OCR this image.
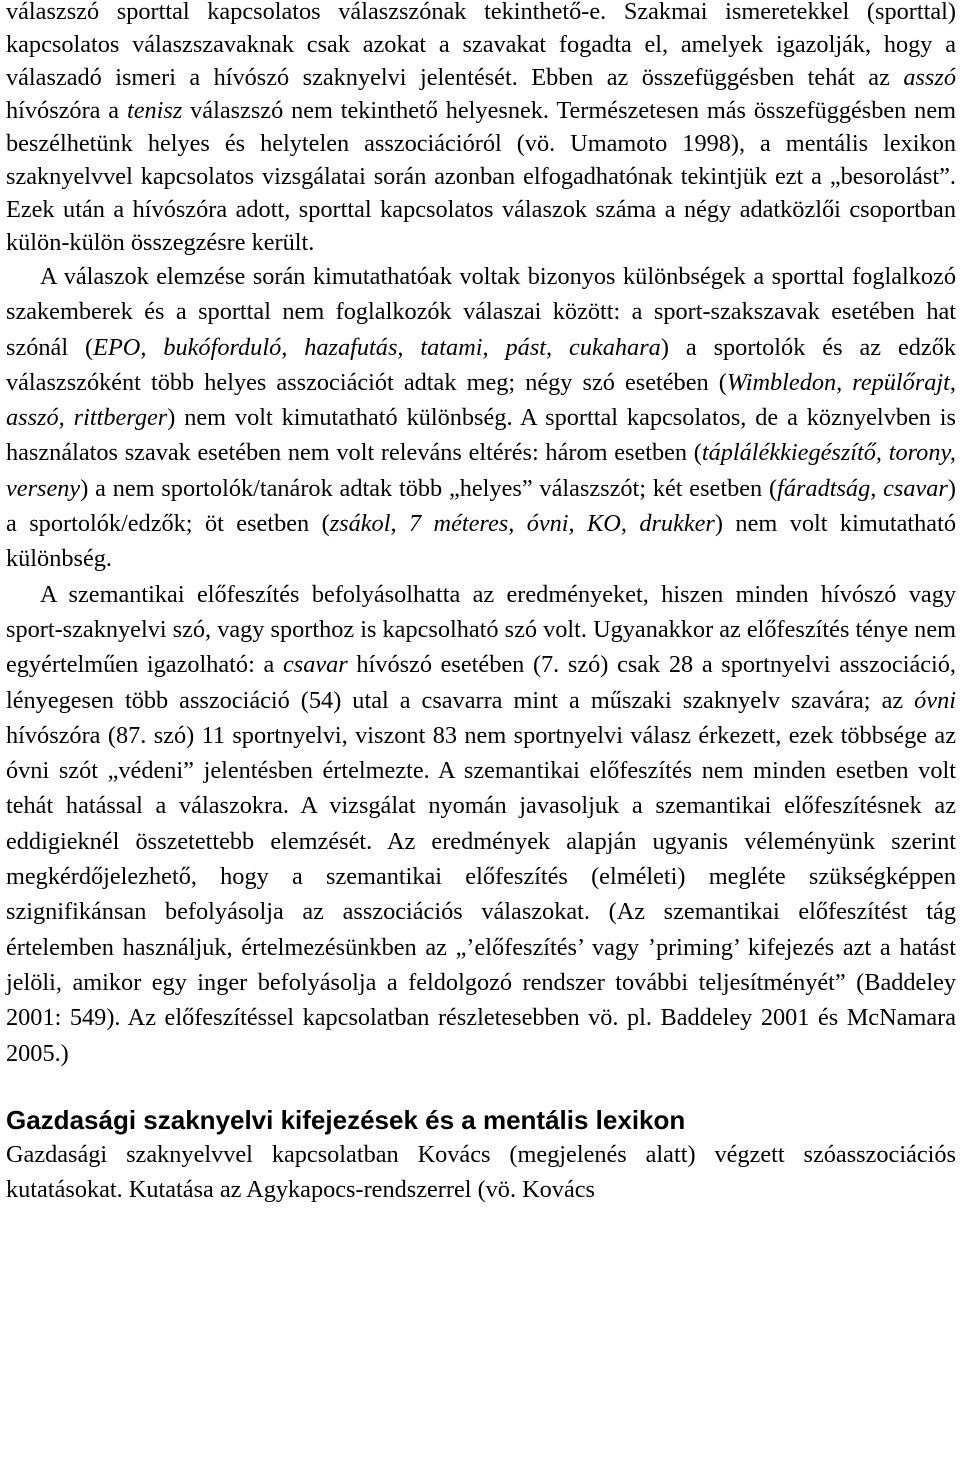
válaszszó sporttal kapcsolatos válaszszónak tekinthető-e. Szakmai ismeretekkel (sporttal) kapcsolatos válaszszavaknak csak azokat a szavakat fogadta el, amelyek igazolják, hogy a válaszadó ismeri a hívószó szaknyelvi jelentését. Ebben az összefüggésben tehát az asszó hívószóra a tenisz válaszszó nem tekinthető helyesnek. Természetesen más összefüggésben nem beszélhetünk helyes és helytelen asszociációról (vö. Umamoto 1998), a mentális lexikon szaknyelvvel kapcsolatos vizsgálatai során azonban elfogadhatónak tekintjük ezt a „besorolást”. Ezek után a hívószóra adott, sporttal kapcsolatos válaszok száma a négy adatközlői csoportban külön-külön összegzésre került.

A válaszok elemzése során kimutathatóak voltak bizonyos különbségek a sporttal foglalkozó szakemberek és a sporttal nem foglalkozók válaszai között: a sport-szakszavak esetében hat szónál (EPO, bukóforduló, hazafutás, tatami, pást, cukahara) a sportolók és az edzők válaszszóként több helyes asszociációt adtak meg; négy szó esetében (Wimbledon, repülőrajt, asszó, rittberger) nem volt kimutatható különbség. A sporttal kapcsolatos, de a köznyelvben is használatos szavak esetében nem volt releváns eltérés: három esetben (táplálékkiegészítő, torony, verseny) a nem sportolók/tanárok adtak több „helyes” válaszszót; két esetben (fáradtság, csavar) a sportolók/edzők; öt esetben (zsákol, 7 méteres, óvni, KO, drukker) nem volt kimutatható különbség.

A szemantikai előfeszítés befolyásolhatta az eredményeket, hiszen minden hívószó vagy sport-szaknyelvi szó, vagy sporthoz is kapcsolható szó volt. Ugyanakkor az előfeszítés ténye nem egyértelműen igazolható: a csavar hívószó esetében (7. szó) csak 28 a sportnyelvi asszociáció, lényegesen több asszociáció (54) utal a csavarra mint a műszaki szaknyelv szavára; az óvni hívószóra (87. szó) 11 sportnyelvi, viszont 83 nem sportnyelvi válasz érkezett, ezek többsége az óvni szót „védeni” jelentésben értelmezte. A szemantikai előfeszítés nem minden esetben volt tehát hatással a válaszokra. A vizsgálat nyomán javasoljuk a szemantikai előfeszítésnek az eddigieknél összetettebb elemzését. Az eredmények alapján ugyanis véleményünk szerint megkérdőjelezhető, hogy a szemantikai előfeszítés (elméleti) megléte szükségképpen szignifikánsan befolyásolja az asszociációs válaszokat. (Az szemantikai előfeszítést tág értelemben használjuk, értelmezésünkben az „’előfeszítés’ vagy ’priming’ kifejezés azt a hatást jelöli, amikor egy inger befolyásolja a feldolgozó rendszer további teljesítményét” (Baddeley 2001: 549). Az előfeszítéssel kapcsolatban részletesebben vö. pl. Baddeley 2001 és McNamara 2005.)

Gazdasági szaknyelvi kifejezések és a mentális lexikon

Gazdasági szaknyelvvel kapcsolatban Kovács (megjelenés alatt) végzett szóasszociációs kutatásokat. Kutatása az Agykapocs-rendszerrel (vö. Kovács
